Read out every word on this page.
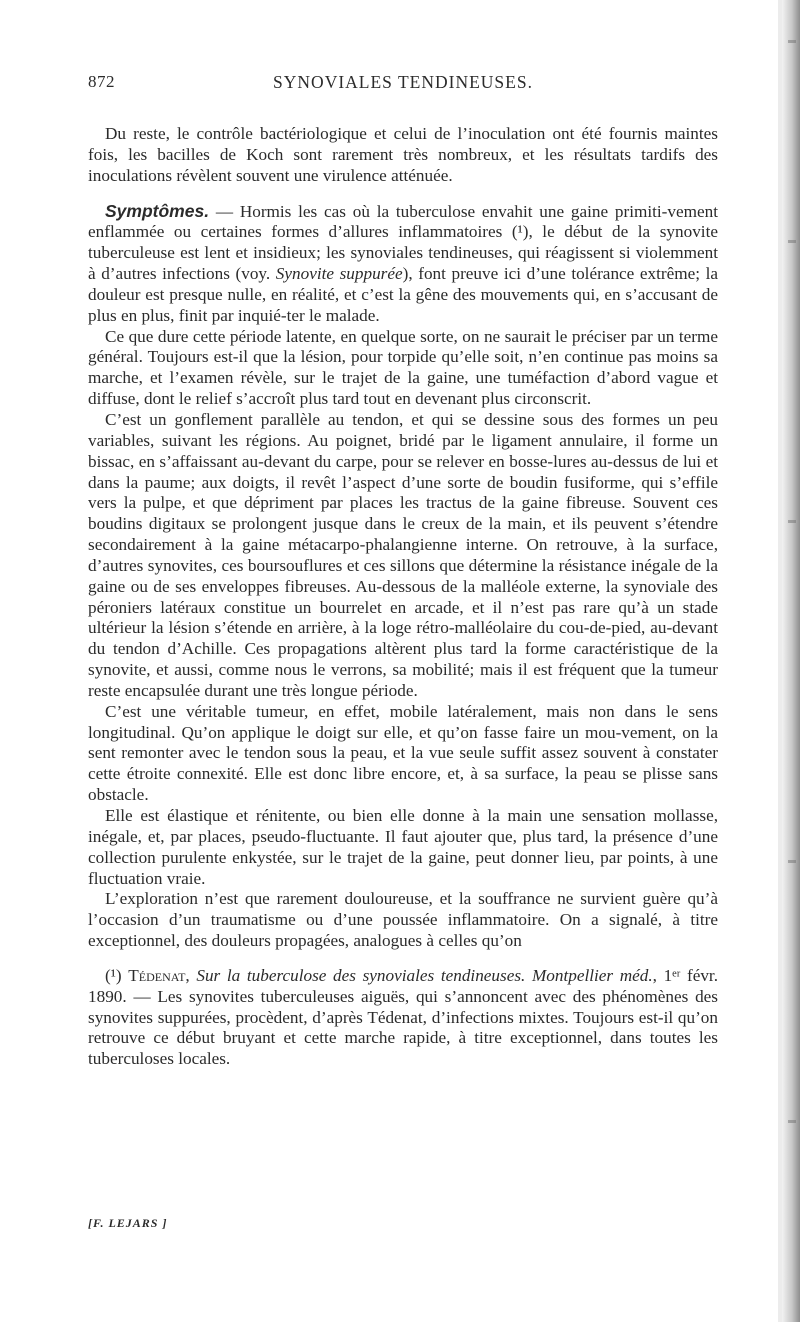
872	SYNOVIALES TENDINEUSES.

Du reste, le contrôle bactériologique et celui de l’inoculation ont été fournis maintes fois, les bacilles de Koch sont rarement très nombreux, et les résultats tardifs des inoculations révèlent souvent une virulence atténuée.

Symptômes. — Hormis les cas où la tuberculose envahit une gaine primiti-vement enflammée ou certaines formes d’allures inflammatoires (¹), le début de la synovite tuberculeuse est lent et insidieux; les synoviales tendineuses, qui réagissent si violemment à d’autres infections (voy. Synovite suppurée), font preuve ici d’une tolérance extrême; la douleur est presque nulle, en réalité, et c’est la gêne des mouvements qui, en s’accusant de plus en plus, finit par inquié-ter le malade.

Ce que dure cette période latente, en quelque sorte, on ne saurait le préciser par un terme général. Toujours est-il que la lésion, pour torpide qu’elle soit, n’en continue pas moins sa marche, et l’examen révèle, sur le trajet de la gaine, une tuméfaction d’abord vague et diffuse, dont le relief s’accroît plus tard tout en devenant plus circonscrit.

C’est un gonflement parallèle au tendon, et qui se dessine sous des formes un peu variables, suivant les régions. Au poignet, bridé par le ligament annulaire, il forme un bissac, en s’affaissant au-devant du carpe, pour se relever en bosse-lures au-dessus de lui et dans la paume; aux doigts, il revêt l’aspect d’une sorte de boudin fusiforme, qui s’effile vers la pulpe, et que dépriment par places les tractus de la gaine fibreuse. Souvent ces boudins digitaux se prolongent jusque dans le creux de la main, et ils peuvent s’étendre secondairement à la gaine métacarpo-phalangienne interne. On retrouve, à la surface, d’autres synovites, ces boursouflures et ces sillons que détermine la résistance inégale de la gaine ou de ses enveloppes fibreuses. Au-dessous de la malléole externe, la synoviale des péroniers latéraux constitue un bourrelet en arcade, et il n’est pas rare qu’à un stade ultérieur la lésion s’étende en arrière, à la loge rétro-malléolaire du cou-de-pied, au-devant du tendon d’Achille. Ces propagations altèrent plus tard la forme caractéristique de la synovite, et aussi, comme nous le verrons, sa mobilité; mais il est fréquent que la tumeur reste encapsulée durant une très longue période.

C’est une véritable tumeur, en effet, mobile latéralement, mais non dans le sens longitudinal. Qu’on applique le doigt sur elle, et qu’on fasse faire un mou-vement, on la sent remonter avec le tendon sous la peau, et la vue seule suffit assez souvent à constater cette étroite connexité. Elle est donc libre encore, et, à sa surface, la peau se plisse sans obstacle.

Elle est élastique et rénitente, ou bien elle donne à la main une sensation mollasse, inégale, et, par places, pseudo-fluctuante. Il faut ajouter que, plus tard, la présence d’une collection purulente enkystée, sur le trajet de la gaine, peut donner lieu, par points, à une fluctuation vraie.

L’exploration n’est que rarement douloureuse, et la souffrance ne survient guère qu’à l’occasion d’un traumatisme ou d’une poussée inflammatoire. On a signalé, à titre exceptionnel, des douleurs propagées, analogues à celles qu’on

(¹) Tédenat, Sur la tuberculose des synoviales tendineuses. Montpellier méd., 1ᵉʳ févr. 1890. — Les synovites tuberculeuses aiguës, qui s’annoncent avec des phénomènes des synovites suppurées, procèdent, d’après Tédenat, d’infections mixtes. Toujours est-il qu’on retrouve ce début bruyant et cette marche rapide, à titre exceptionnel, dans toutes les tuberculoses locales.

[F. LEJARS ]
